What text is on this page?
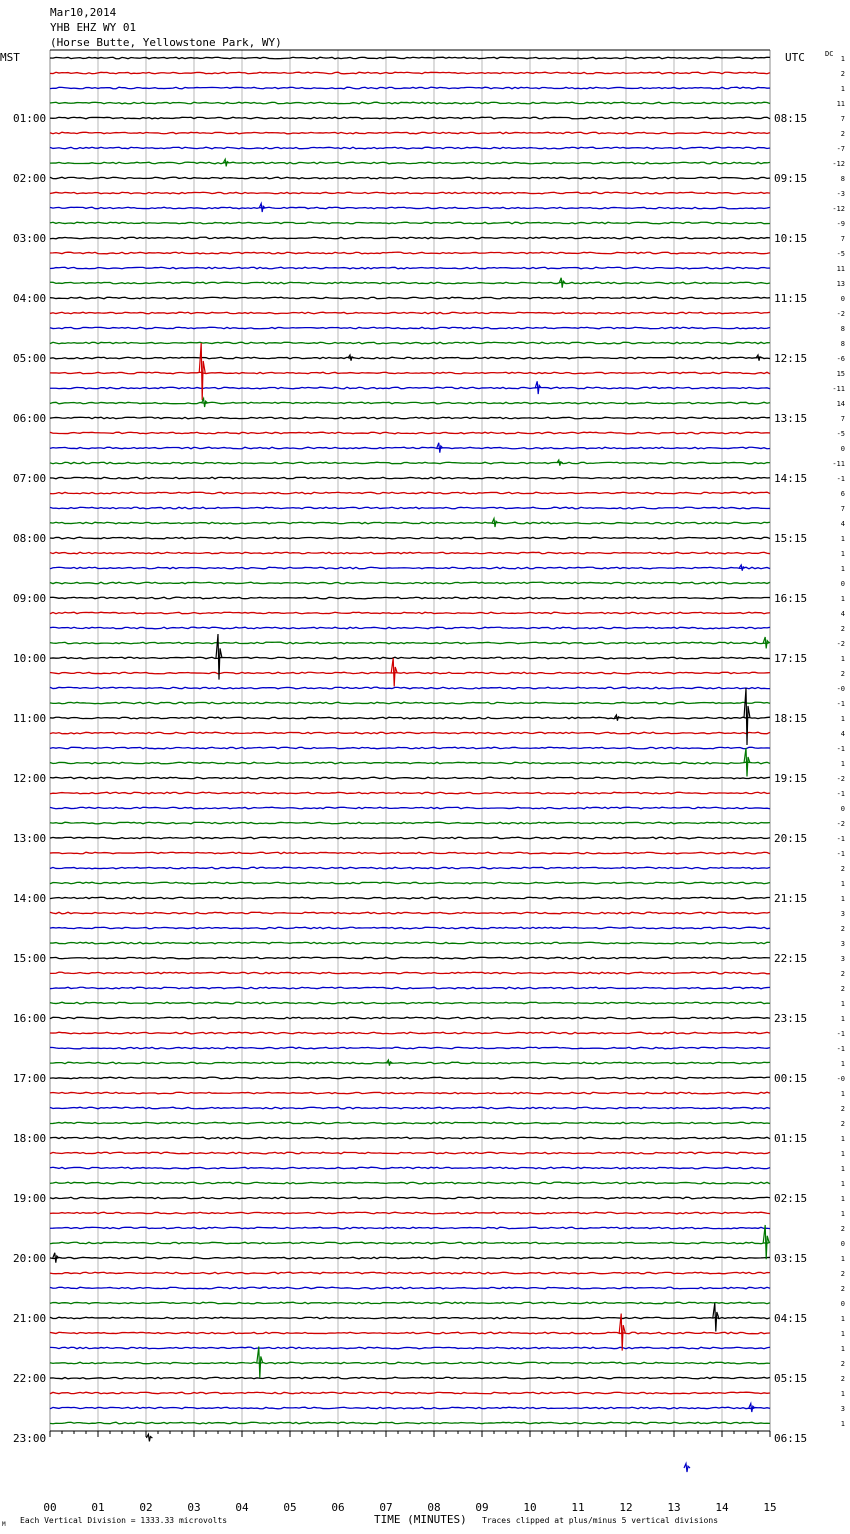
Mar10,2014
YHB EHZ WY 01
(Horse Butte, Yellowstone Park, WY)
MST	UTC	DC
01:00
02:00
03:00
04:00
05:00
06:00
07:00
08:00
09:00
10:00
11:00
12:00
13:00
14:00
15:00
16:00
17:00
18:00
19:00
20:00
21:00
22:00
23:00
08:15
09:15
10:15
11:15
12:15
13:15
14:15
15:15
16:15
17:15
18:15
19:15
20:15
21:15
22:15
23:15
00:15
01:15
02:15
03:15
04:15
05:15
06:15
1
2
1
11
7
2
-7
-12
8
-3
-12
-9
7
-5
11
13
0
-2
8
8
-6
15
-11
14
7
-5
0
-11
-1
6
7
4
1
1
1
0
1
4
2
-2
1
2
-0
-1
1
4
-1
1
-2
-1
0
-2
-1
-1
2
1
1
3
2
3
3
2
2
1
1
-1
-1
1
-0
1
2
2
1
1
1
1
1
1
2
0
1
2
2
0
1
1
1
2
2
1
3
1
00	01	02	03	04	05	06	07	08	09	10	11	12	13	14	15
M Each Vertical Division = 1333.33 microvolts	TIME (MINUTES) Traces clipped at plus/minus 5 vertical divisions
